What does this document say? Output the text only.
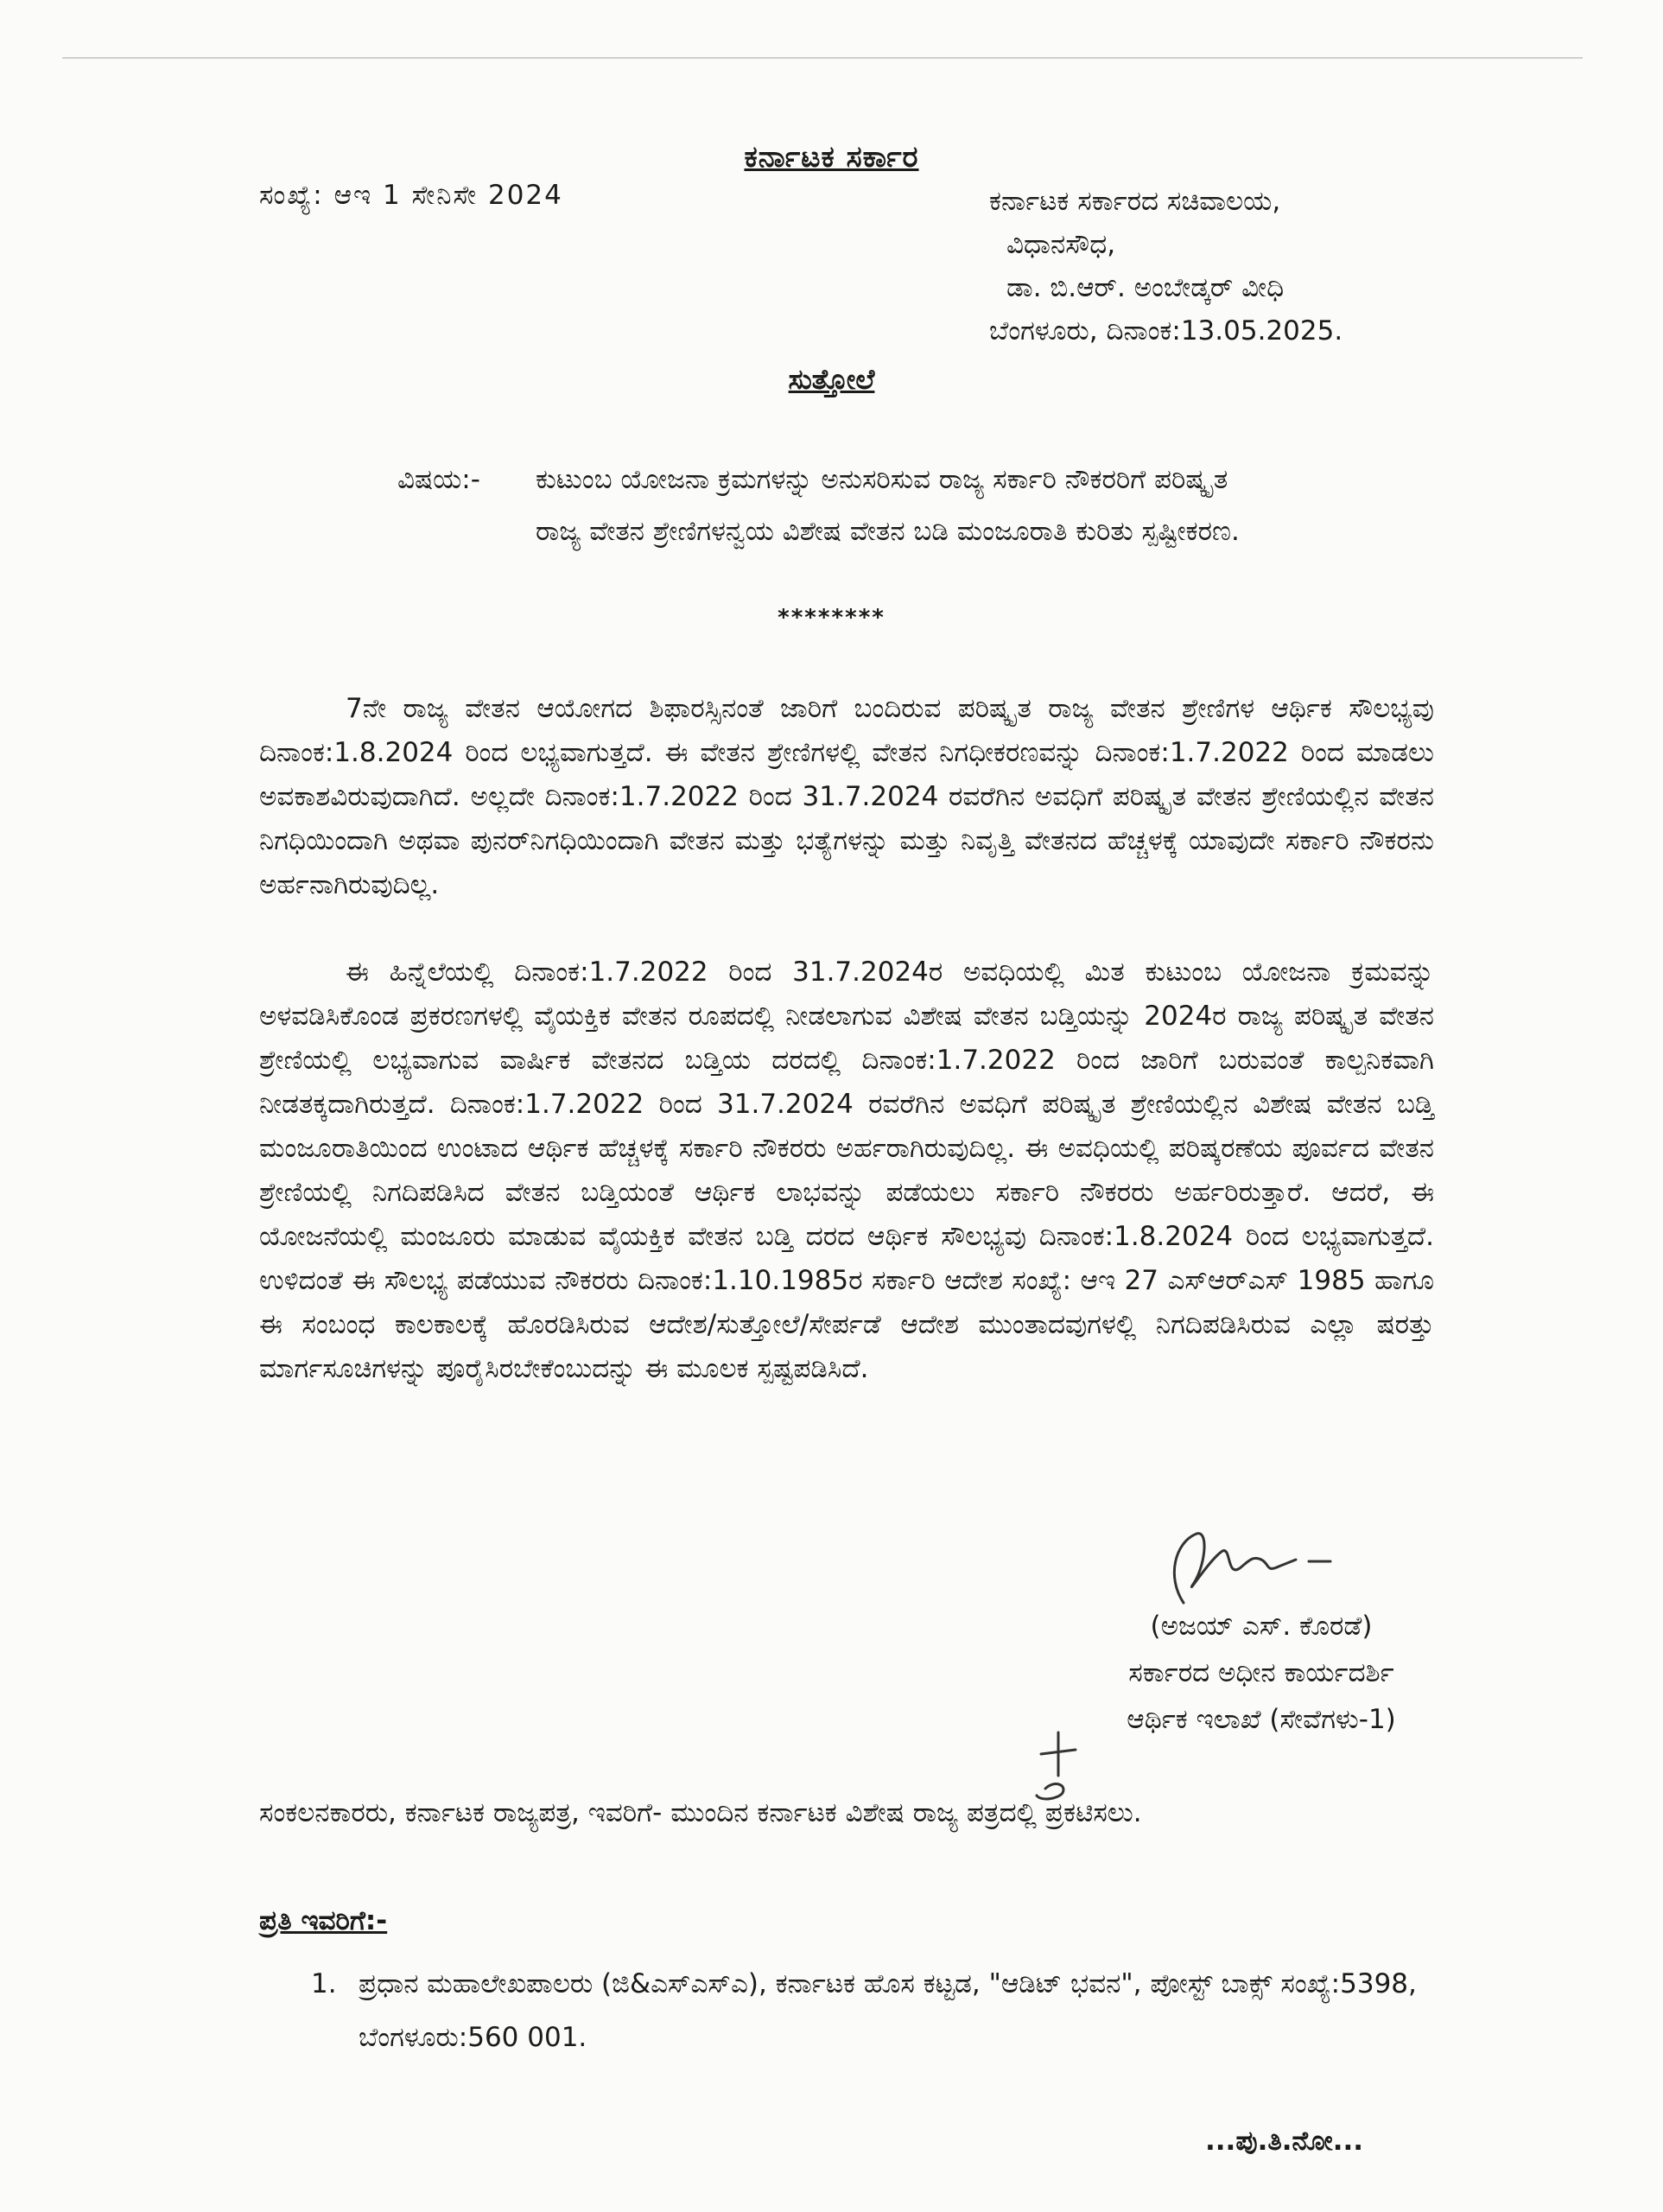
ಕರ್ನಾಟಕ ಸರ್ಕಾರ
ಸಂಖ್ಯೆ: ಆಇ 1 ಸೇನಿಸೇ 2024	ಕರ್ನಾಟಕ ಸರ್ಕಾರದ ಸಚಿವಾಲಯ,
ವಿಧಾನಸೌಧ,
ಡಾ. ಬಿ.ಆರ್. ಅಂಬೇಡ್ಕರ್ ವೀಧಿ
ಬೆಂಗಳೂರು, ದಿನಾಂಕ:13.05.2025.
ಸುತ್ತೋಲೆ
ವಿಷಯ:-	ಕುಟುಂಬ ಯೋಜನಾ ಕ್ರಮಗಳನ್ನು ಅನುಸರಿಸುವ ರಾಜ್ಯ ಸರ್ಕಾರಿ ನೌಕರರಿಗೆ ಪರಿಷ್ಕೃತ ರಾಜ್ಯ ವೇತನ ಶ್ರೇಣಿಗಳನ್ವಯ ವಿಶೇಷ ವೇತನ ಬಡಿ ಮಂಜೂರಾತಿ ಕುರಿತು ಸ್ಪಷ್ಟೀಕರಣ.
********

7ನೇ ರಾಜ್ಯ ವೇತನ ಆಯೋಗದ ಶಿಫಾರಸ್ಸಿನಂತೆ ಜಾರಿಗೆ ಬಂದಿರುವ ಪರಿಷ್ಕೃತ ರಾಜ್ಯ ವೇತನ ಶ್ರೇಣಿಗಳ ಆರ್ಥಿಕ ಸೌಲಭ್ಯವು ದಿನಾಂಕ:1.8.2024 ರಿಂದ ಲಭ್ಯವಾಗುತ್ತದೆ. ಈ ವೇತನ ಶ್ರೇಣಿಗಳಲ್ಲಿ ವೇತನ ನಿಗಧೀಕರಣವನ್ನು ದಿನಾಂಕ:1.7.2022 ರಿಂದ ಮಾಡಲು ಅವಕಾಶವಿರುವುದಾಗಿದೆ. ಅಲ್ಲದೇ ದಿನಾಂಕ:1.7.2022 ರಿಂದ 31.7.2024 ರವರೆಗಿನ ಅವಧಿಗೆ ಪರಿಷ್ಕೃತ ವೇತನ ಶ್ರೇಣಿಯಲ್ಲಿನ ವೇತನ ನಿಗಧಿಯಿಂದಾಗಿ ಅಥವಾ ಪುನರ್‌ನಿಗಧಿಯಿಂದಾಗಿ ವೇತನ ಮತ್ತು ಭತ್ಯೆಗಳನ್ನು ಮತ್ತು ನಿವೃತ್ತಿ ವೇತನದ ಹೆಚ್ಚಳಕ್ಕೆ ಯಾವುದೇ ಸರ್ಕಾರಿ ನೌಕರನು ಅರ್ಹನಾಗಿರುವುದಿಲ್ಲ.

ಈ ಹಿನ್ನೆಲೆಯಲ್ಲಿ ದಿನಾಂಕ:1.7.2022 ರಿಂದ 31.7.2024ರ ಅವಧಿಯಲ್ಲಿ ಮಿತ ಕುಟುಂಬ ಯೋಜನಾ ಕ್ರಮವನ್ನು ಅಳವಡಿಸಿಕೊಂಡ ಪ್ರಕರಣಗಳಲ್ಲಿ ವೈಯಕ್ತಿಕ ವೇತನ ರೂಪದಲ್ಲಿ ನೀಡಲಾಗುವ ವಿಶೇಷ ವೇತನ ಬಡ್ತಿಯನ್ನು 2024ರ ರಾಜ್ಯ ಪರಿಷ್ಕೃತ ವೇತನ ಶ್ರೇಣಿಯಲ್ಲಿ ಲಭ್ಯವಾಗುವ ವಾರ್ಷಿಕ ವೇತನದ ಬಡ್ತಿಯ ದರದಲ್ಲಿ ದಿನಾಂಕ:1.7.2022 ರಿಂದ ಜಾರಿಗೆ ಬರುವಂತೆ ಕಾಲ್ಪನಿಕವಾಗಿ ನೀಡತಕ್ಕದಾಗಿರುತ್ತದೆ. ದಿನಾಂಕ:1.7.2022 ರಿಂದ 31.7.2024 ರವರೆಗಿನ ಅವಧಿಗೆ ಪರಿಷ್ಕೃತ ಶ್ರೇಣಿಯಲ್ಲಿನ ವಿಶೇಷ ವೇತನ ಬಡ್ತಿ ಮಂಜೂರಾತಿಯಿಂದ ಉಂಟಾದ ಆರ್ಥಿಕ ಹೆಚ್ಚಳಕ್ಕೆ ಸರ್ಕಾರಿ ನೌಕರರು ಅರ್ಹರಾಗಿರುವುದಿಲ್ಲ. ಈ ಅವಧಿಯಲ್ಲಿ ಪರಿಷ್ಕರಣೆಯ ಪೂರ್ವದ ವೇತನ ಶ್ರೇಣಿಯಲ್ಲಿ ನಿಗದಿಪಡಿಸಿದ ವೇತನ ಬಡ್ತಿಯಂತೆ ಆರ್ಥಿಕ ಲಾಭವನ್ನು ಪಡೆಯಲು ಸರ್ಕಾರಿ ನೌಕರರು ಅರ್ಹರಿರುತ್ತಾರೆ. ಆದರೆ, ಈ ಯೋಜನೆಯಲ್ಲಿ ಮಂಜೂರು ಮಾಡುವ ವೈಯಕ್ತಿಕ ವೇತನ ಬಡ್ತಿ ದರದ ಆರ್ಥಿಕ ಸೌಲಭ್ಯವು ದಿನಾಂಕ:1.8.2024 ರಿಂದ ಲಭ್ಯವಾಗುತ್ತದೆ. ಉಳಿದಂತೆ ಈ ಸೌಲಭ್ಯ ಪಡೆಯುವ ನೌಕರರು ದಿನಾಂಕ:1.10.1985ರ ಸರ್ಕಾರಿ ಆದೇಶ ಸಂಖ್ಯೆ: ಆಇ 27 ಎಸ್‌ಆರ್‌ಎಸ್ 1985 ಹಾಗೂ ಈ ಸಂಬಂಧ ಕಾಲಕಾಲಕ್ಕೆ ಹೊರಡಿಸಿರುವ ಆದೇಶ/ಸುತ್ತೋಲೆ/ಸೇರ್ಪಡೆ ಆದೇಶ ಮುಂತಾದವುಗಳಲ್ಲಿ ನಿಗದಿಪಡಿಸಿರುವ ಎಲ್ಲಾ ಷರತ್ತು ಮಾರ್ಗಸೂಚಿಗಳನ್ನು ಪೂರೈಸಿರಬೇಕೆಂಬುದನ್ನು ಈ ಮೂಲಕ ಸ್ಪಷ್ಟಪಡಿಸಿದೆ.

(ಅಜಯ್ ಎಸ್. ಕೊರಡೆ)
ಸರ್ಕಾರದ ಅಧೀನ ಕಾರ್ಯದರ್ಶಿ
ಆರ್ಥಿಕ ಇಲಾಖೆ (ಸೇವೆಗಳು-1)
ಸಂಕಲನಕಾರರು, ಕರ್ನಾಟಕ ರಾಜ್ಯಪತ್ರ, ಇವರಿಗೆ- ಮುಂದಿನ ಕರ್ನಾಟಕ ವಿಶೇಷ ರಾಜ್ಯ ಪತ್ರದಲ್ಲಿ ಪ್ರಕಟಿಸಲು.
ಪ್ರತಿ ಇವರಿಗೆ:-
1. ಪ್ರಧಾನ ಮಹಾಲೇಖಪಾಲರು (ಜಿ&ಎಸ್‌ಎಸ್‌ಎ), ಕರ್ನಾಟಕ ಹೊಸ ಕಟ್ಟಡ, "ಆಡಿಟ್ ಭವನ", ಪೋಸ್ಟ್ ಬಾಕ್ಸ್ ಸಂಖ್ಯೆ:5398, ಬೆಂಗಳೂರು:560 001.
...ಪು.ತಿ.ನೋ...
